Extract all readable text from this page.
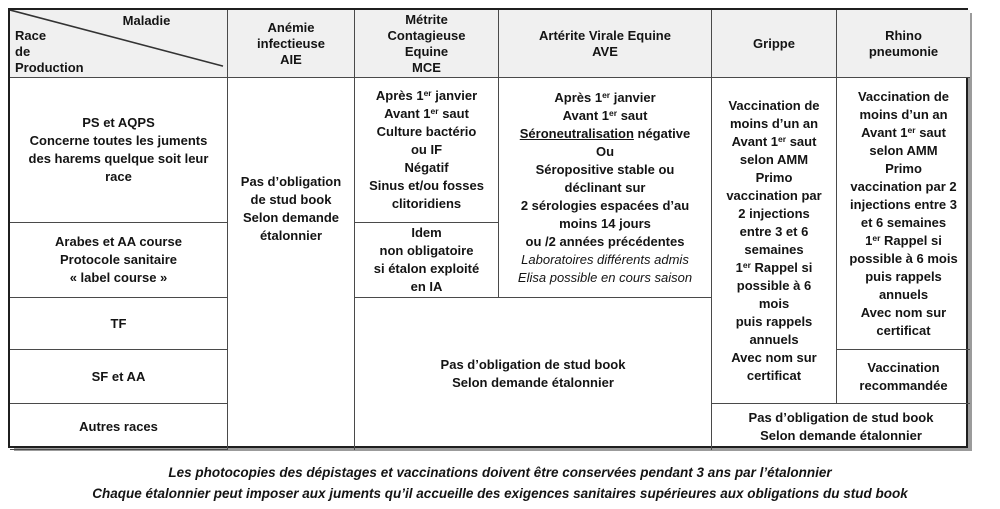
Maladie
Race
de
Production
Anémie
infectieuse
AIE
Métrite
Contagieuse
Equine
MCE
Artérite Virale Equine
AVE
Grippe
Rhino
pneumonie
PS et AQPS
Concerne toutes les juments
des harems quelque soit leur
race
Arabes et AA course
Protocole sanitaire
« label course »
TF
SF et AA
Autres races
Pas d’obligation
de stud book
Selon demande
étalonnier
Après 1er janvier
Avant 1er saut
Culture bactério
ou IF
Négatif
Sinus et/ou fosses
clitoridiens
Idem
non obligatoire
si étalon exploité
en IA
Après 1er janvier
Avant 1er saut
Séroneutralisation négative
Ou
Séropositive stable ou
déclinant sur
2 sérologies espacées d’au
moins 14 jours
ou /2 années précédentes
Laboratoires différents admis
Elisa possible en cours saison
Pas d’obligation de stud book
Selon demande étalonnier
Vaccination de
moins d’un an
Avant 1er saut
selon AMM
Primo
vaccination par
2 injections
entre 3 et 6
semaines
1er Rappel si
possible à 6
mois
puis rappels
annuels
Avec nom sur
certificat
Vaccination de
moins d’un an
Avant 1er saut
selon AMM
Primo
vaccination par 2
injections entre 3
et 6 semaines
1er Rappel si
possible à 6 mois
puis rappels
annuels
Avec nom sur
certificat
Vaccination
recommandée
Pas d’obligation de stud book
Selon demande étalonnier
Les photocopies des dépistages et vaccinations doivent être conservées pendant 3 ans par l’étalonnier
Chaque étalonnier peut imposer aux juments qu’il accueille des exigences sanitaires supérieures aux obligations du stud book
